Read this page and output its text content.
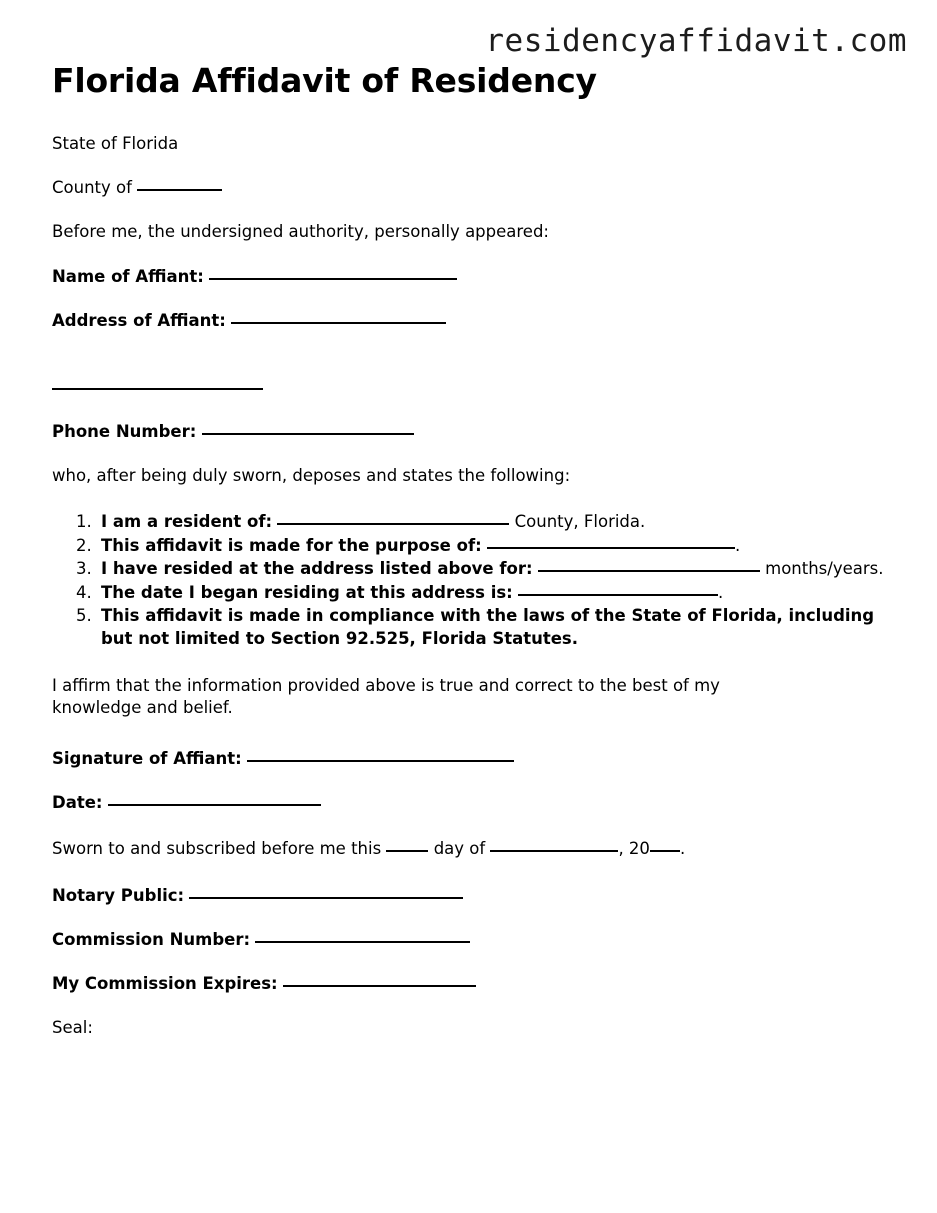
residencyaffidavit.com
Florida Affidavit of Residency

State of Florida

County of

Before me, the undersigned authority, personally appeared:

Name of Affiant:

Address of Affiant:

Phone Number:

who, after being duly sworn, deposes and states the following:

1. I am a resident of:	County, Florida.
2. This affidavit is made for the purpose of:	.
3. I have resided at the address listed above for:	months/years.
4. The date I began residing at this address is:	.
5. This affidavit is made in compliance with the laws of the State of Florida, including but not limited to Section 92.525, Florida Statutes.

I affirm that the information provided above is true and correct to the best of my knowledge and belief.

Signature of Affiant:

Date:

Sworn to and subscribed before me this	day of	, 20 .

Notary Public:

Commission Number:

My Commission Expires:

Seal:
